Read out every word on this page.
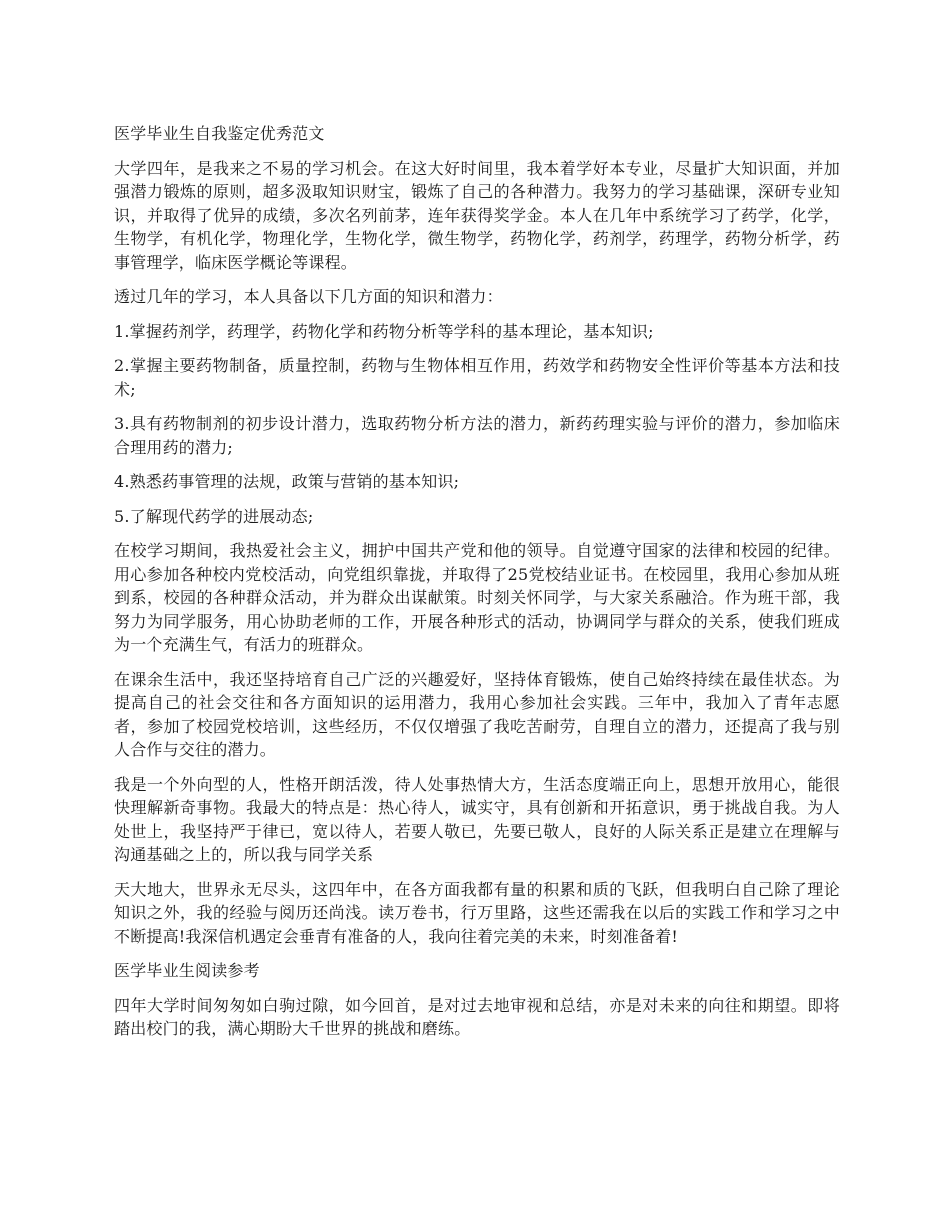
医学毕业生自我鉴定优秀范文

大学四年，是我来之不易的学习机会。在这大好时间里，我本着学好本专业，尽量扩大知识面，并加强潜力锻炼的原则，超多汲取知识财宝，锻炼了自己的各种潜力。我努力的学习基础课，深研专业知识，并取得了优异的成绩，多次名列前茅，连年获得奖学金。本人在几年中系统学习了药学，化学，生物学，有机化学，物理化学，生物化学，微生物学，药物化学，药剂学，药理学，药物分析学，药事管理学，临床医学概论等课程。

透过几年的学习，本人具备以下几方面的知识和潜力：

1.掌握药剂学，药理学，药物化学和药物分析等学科的基本理论，基本知识;

2.掌握主要药物制备，质量控制，药物与生物体相互作用，药效学和药物安全性评价等基本方法和技术;

3.具有药物制剂的初步设计潜力，选取药物分析方法的潜力，新药药理实验与评价的潜力，参加临床合理用药的潜力;

4.熟悉药事管理的法规，政策与营销的基本知识;

5.了解现代药学的进展动态;

在校学习期间，我热爱社会主义，拥护中国共产党和他的领导。自觉遵守国家的法律和校园的纪律。用心参加各种校内党校活动，向党组织靠拢，并取得了25党校结业证书。在校园里，我用心参加从班到系，校园的各种群众活动，并为群众出谋献策。时刻关怀同学，与大家关系融洽。作为班干部，我努力为同学服务，用心协助老师的工作，开展各种形式的活动，协调同学与群众的关系，使我们班成为一个充满生气，有活力的班群众。

在课余生活中，我还坚持培育自己广泛的兴趣爱好，坚持体育锻炼，使自己始终持续在最佳状态。为提高自己的社会交往和各方面知识的运用潜力，我用心参加社会实践。三年中，我加入了青年志愿者，参加了校园党校培训，这些经历，不仅仅增强了我吃苦耐劳，自理自立的潜力，还提高了我与别人合作与交往的潜力。

我是一个外向型的人，性格开朗活泼，待人处事热情大方，生活态度端正向上，思想开放用心，能很快理解新奇事物。我最大的特点是：热心待人，诚实守，具有创新和开拓意识，勇于挑战自我。为人处世上，我坚持严于律已，宽以待人，若要人敬已，先要已敬人，良好的人际关系正是建立在理解与沟通基础之上的，所以我与同学关系

天大地大，世界永无尽头，这四年中，在各方面我都有量的积累和质的飞跃，但我明白自己除了理论知识之外，我的经验与阅历还尚浅。读万卷书，行万里路，这些还需我在以后的实践工作和学习之中不断提高!我深信机遇定会垂青有准备的人，我向往着完美的未来，时刻准备着!

医学毕业生阅读参考

四年大学时间匆匆如白驹过隙，如今回首，是对过去地审视和总结，亦是对未来的向往和期望。即将踏出校门的我，满心期盼大千世界的挑战和磨练。
